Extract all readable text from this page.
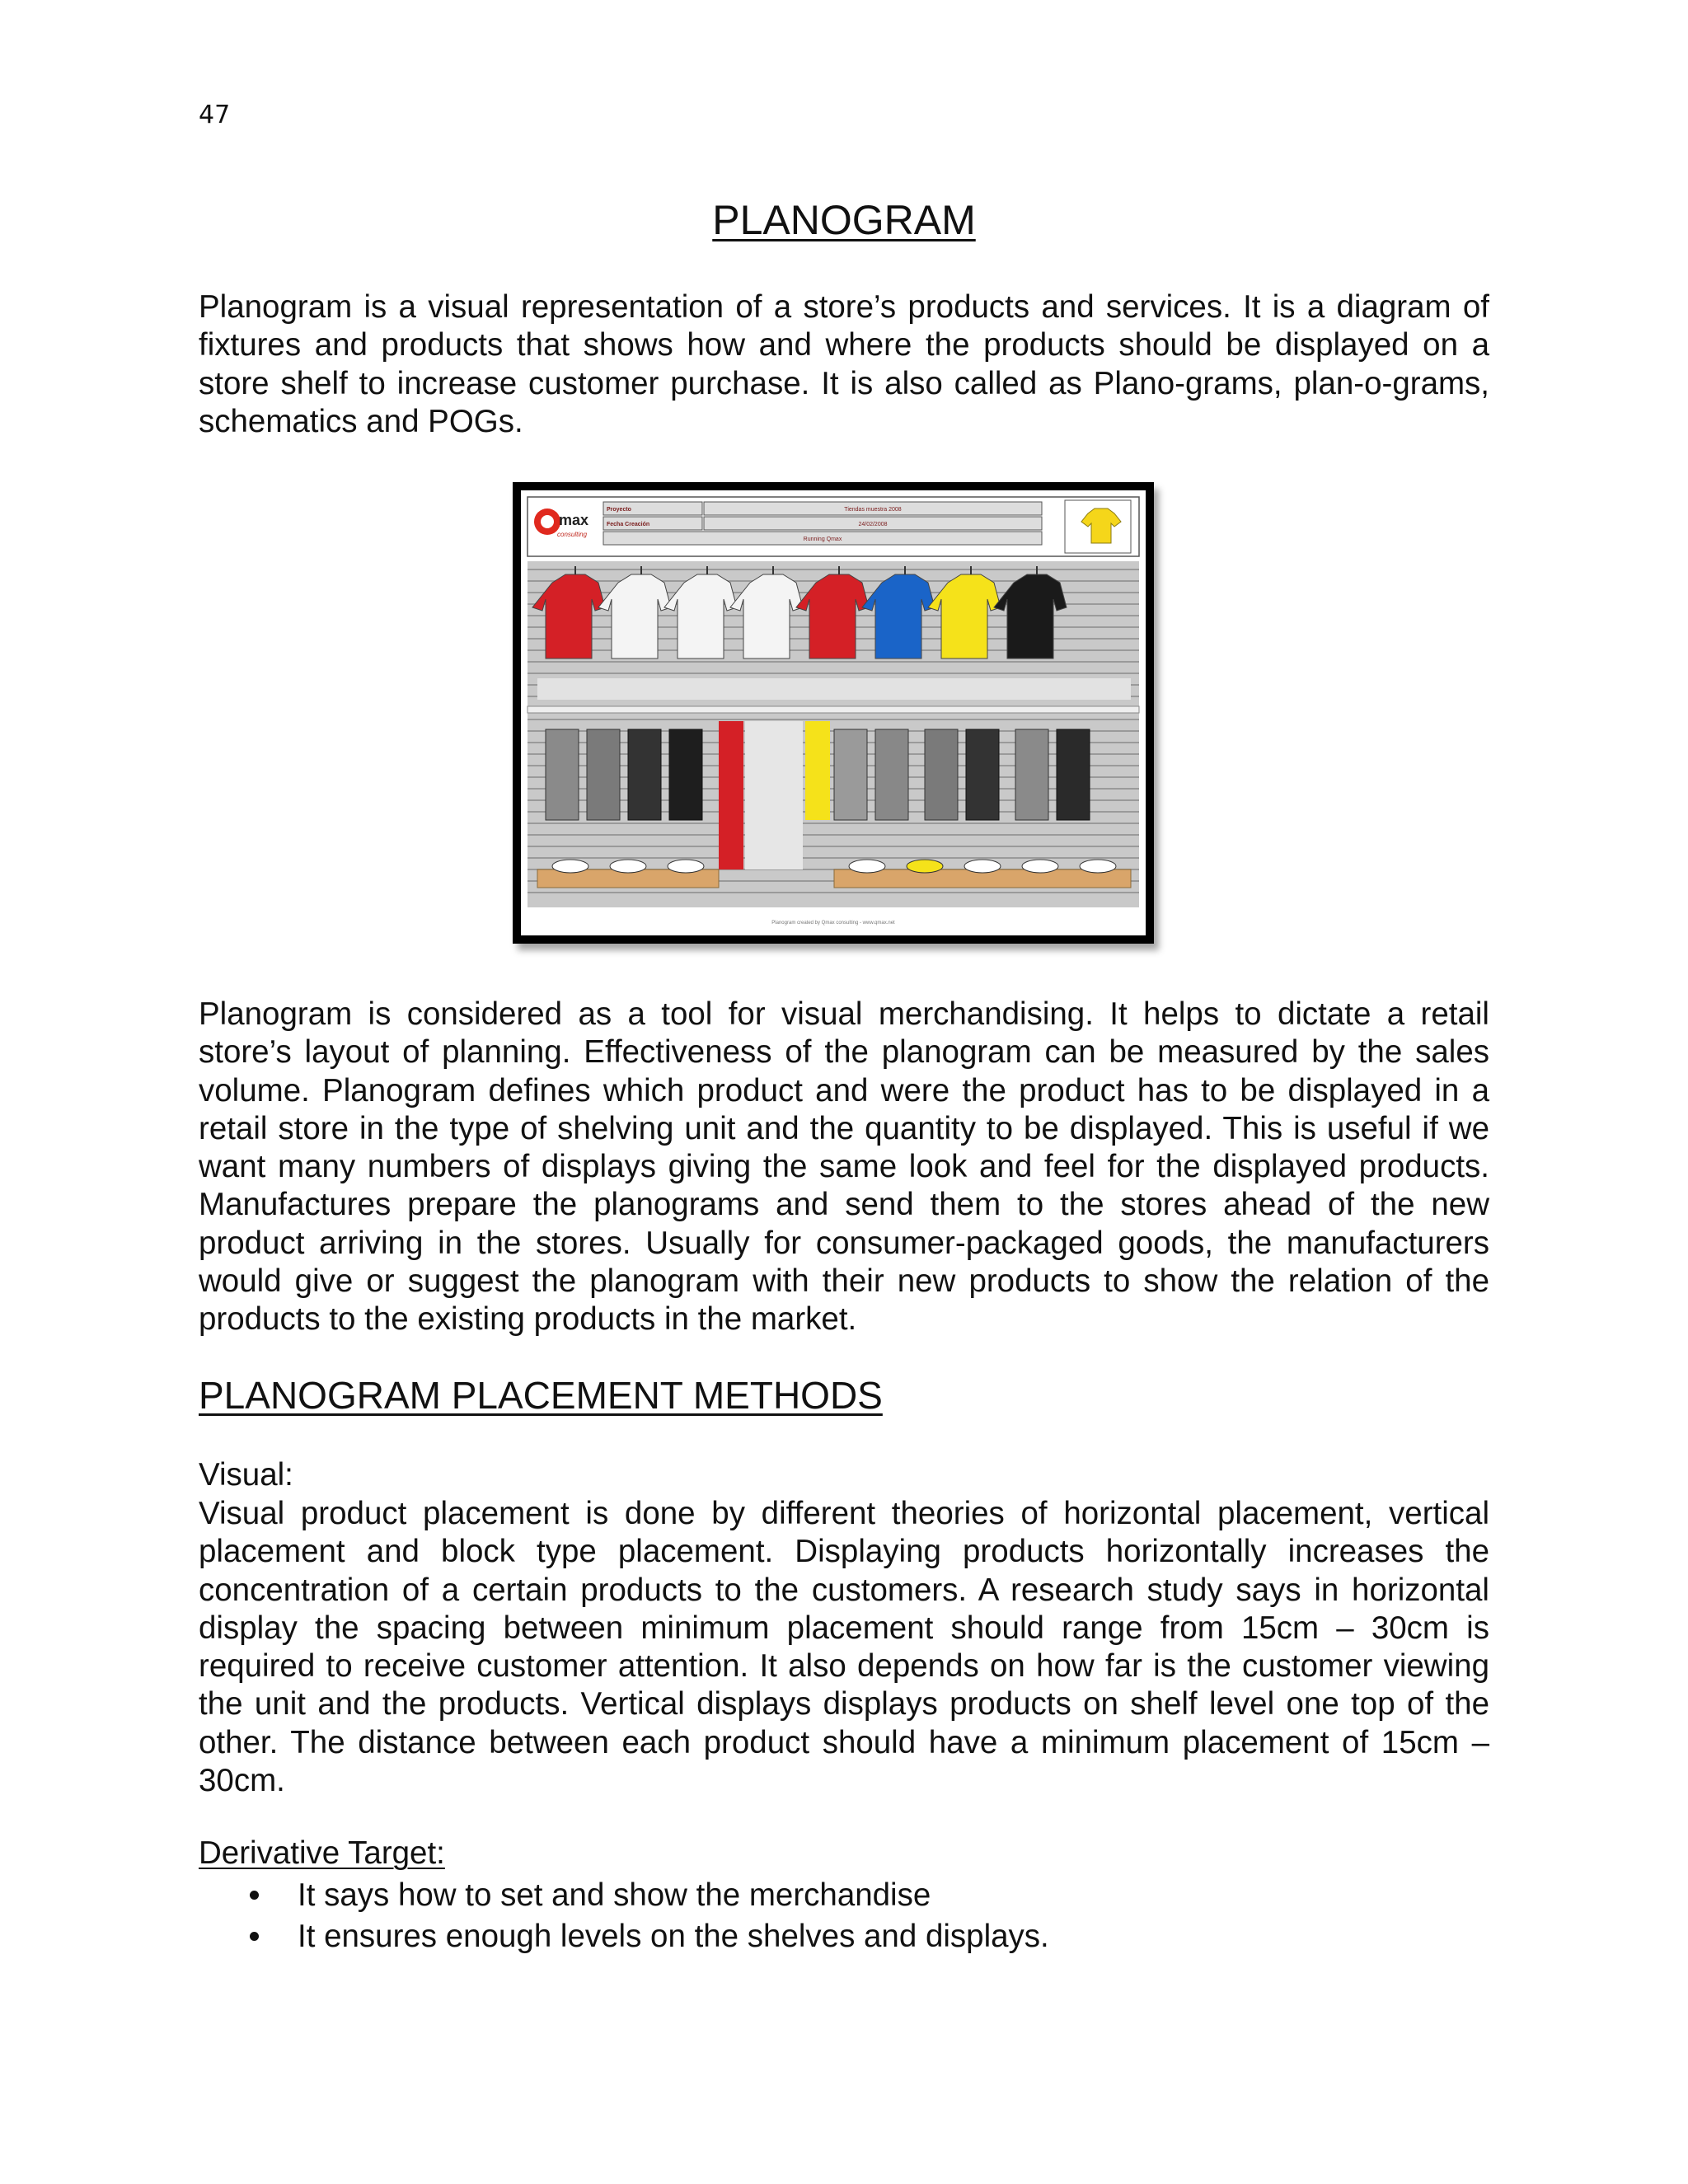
47
PLANOGRAM

Planogram is a visual representation of a store’s products and services. It is a diagram of fixtures and products that shows how and where the products should be displayed on a store shelf to increase customer purchase. It is also called as Plano-grams, plan-o-grams, schematics and POGs.

max
consulting
Proyecto	Tiendas muestra 2008
Fecha Creación	24/02/2008
Running Qmax
Planogram created by Qmax consulting - www.qmax.net

Planogram is considered as a tool for visual merchandising. It helps to dictate a retail store’s layout of planning. Effectiveness of the planogram can be measured by the sales volume. Planogram defines which product and were the product has to be displayed in a retail store in the type of shelving unit and the quantity to be displayed. This is useful if we want many numbers of displays giving the same look and feel for the displayed products. Manufactures prepare the planograms and send them to the stores ahead of the new product arriving in the stores. Usually for consumer-packaged goods, the manufacturers would give or suggest the planogram with their new products to show the relation of the products to the existing products in the market.

PLANOGRAM PLACEMENT METHODS
Visual:

Visual product placement is done by different theories of horizontal placement, vertical placement and block type placement. Displaying products horizontally increases the concentration of a certain products to the customers. A research study says in horizontal display the spacing between minimum placement should range from 15cm – 30cm is required to receive customer attention. It also depends on how far is the customer viewing the unit and the products. Vertical displays displays products on shelf level one top of the other. The distance between each product should have a minimum placement of 15cm – 30cm.

Derivative Target:
It says how to set and show the merchandise
It ensures enough levels on the shelves and displays.
